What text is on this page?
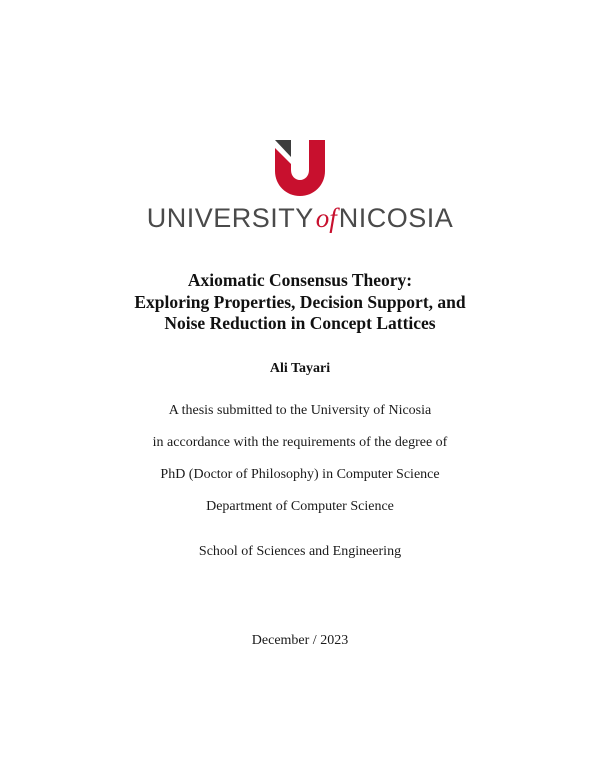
UNIVERSITYofNICOSIA
Axiomatic Consensus Theory:
Exploring Properties, Decision Support, and
Noise Reduction in Concept Lattices
Ali Tayari
A thesis submitted to the University of Nicosia
in accordance with the requirements of the degree of
PhD (Doctor of Philosophy) in Computer Science
Department of Computer Science
School of Sciences and Engineering
December / 2023
